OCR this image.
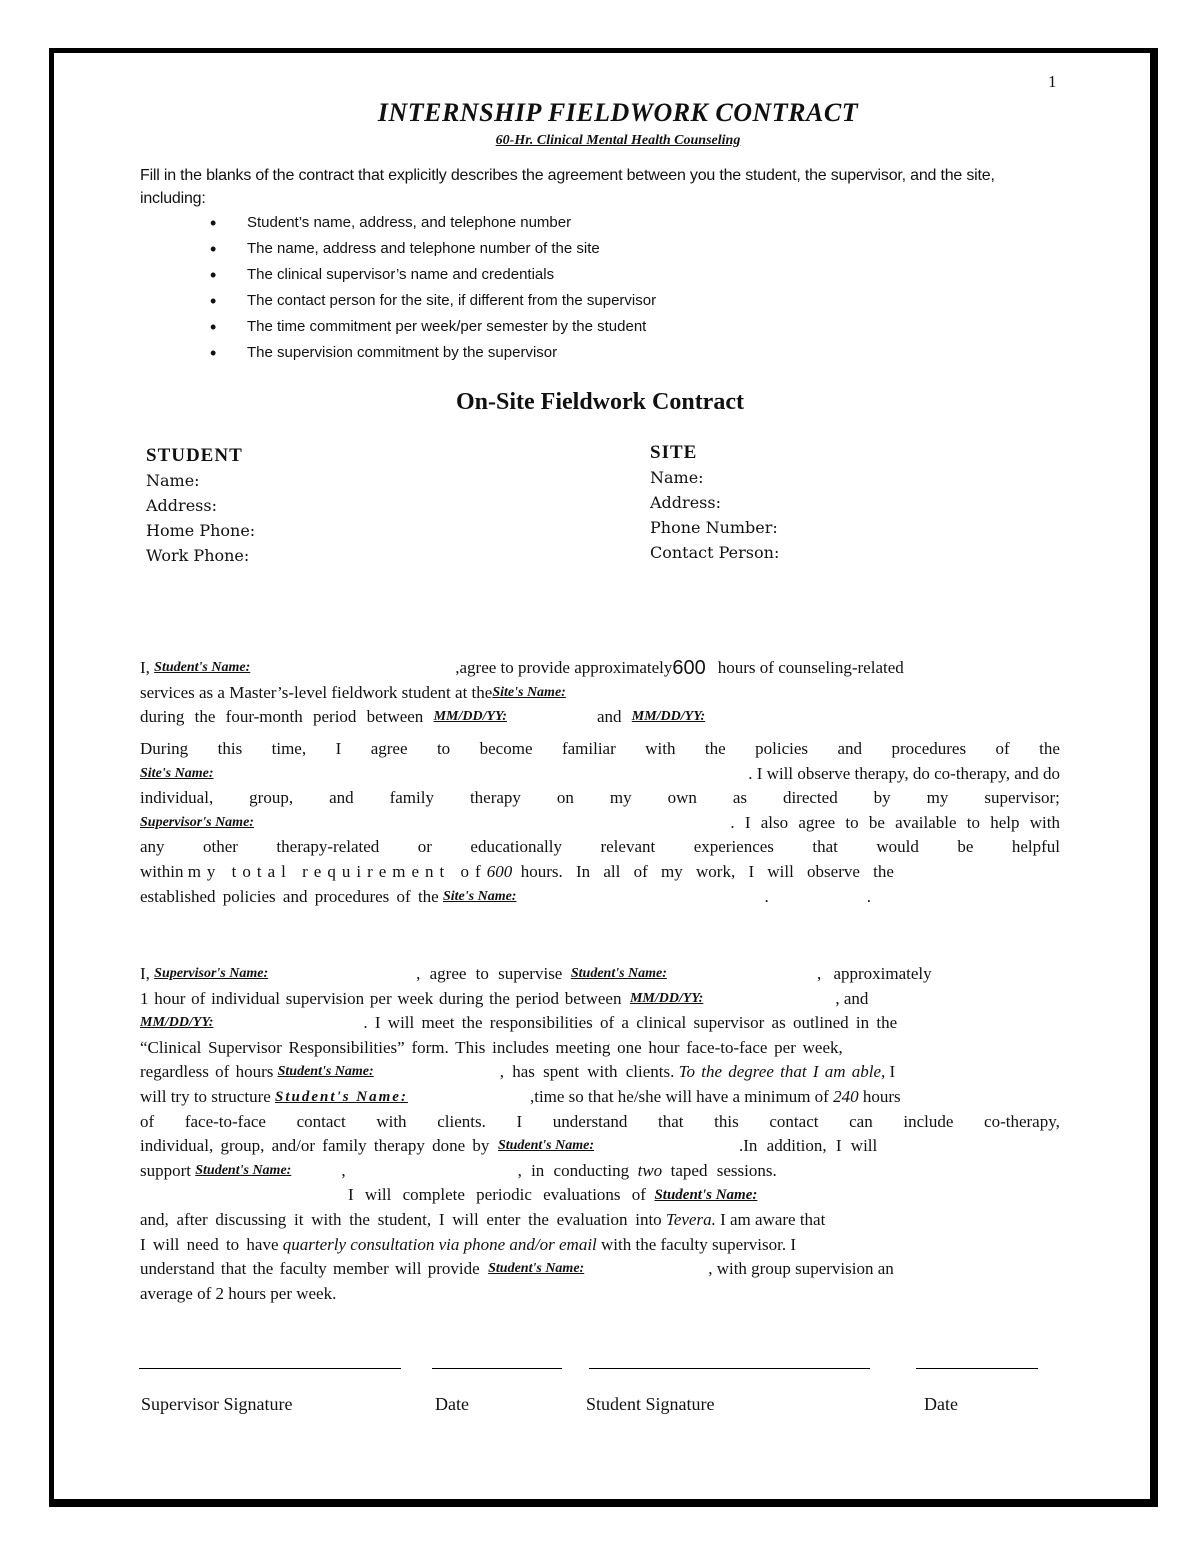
1
INTERNSHIP FIELDWORK CONTRACT
60-Hr. Clinical Mental Health Counseling
Fill in the blanks of the contract that explicitly describes the agreement between you the student, the supervisor, and the site, including:
• Student’s name, address, and telephone number
• The name, address and telephone number of the site
• The clinical supervisor’s name and credentials
• The contact person for the site, if different from the supervisor
• The time commitment per week/per semester by the student
• The supervision commitment by the supervisor
On-Site Fieldwork Contract
STUDENT
Name:
Address:
Home Phone:
Work Phone:
SITE
Name:
Address:
Phone Number:
Contact Person:
I,
Student's Name:	,agree to provide approximately 600 hours of counseling-related
services as a Master’s-level fieldwork student at the Site's Name:
during the four-month period between
MM/DD/YY:	and
MM/DD/YY:
During this time, I agree to become familiar with the policies and procedures of the
Site's Name:	. I will observe therapy, do co-therapy, and do
individual, group, and family therapy on my own as directed by my supervisor;
Supervisor's Name:	. I also agree to be available to help with
any other therapy-related or educationally relevant experiences that would be helpful
within
my total requirement of 600
hours. In all of my work, I will observe the
established policies and procedures of the
Site's Name:	.	.
I,
Supervisor's Name:	, agree to supervise
Student's Name:	, approximately
1 hour of individual supervision per week during the period between
MM/DD/YY:	, and
MM/DD/YY:	. I will meet the responsibilities of a clinical supervisor as outlined in the
“Clinical Supervisor Responsibilities” form. This includes meeting one hour face-to-face per week,
regardless of hours
Student's Name:	, has spent with clients.
To the degree that I am able,
I
will try to structure
Student's Name:	,time so that he/she will have a minimum of
240
hours
of face-to-face contact with clients. I understand that this contact can include co-therapy,
individual, group, and/or family therapy done by
Student's Name:	.In addition, I will
support
Student's Name:	,	, in conducting
two
taped sessions.
I will complete periodic evaluations of
Student's Name:
and, after discussing it with the student, I will enter the evaluation into
Tevera.
I am aware that
I will need to have
quarterly consultation via phone and/or email
with the faculty supervisor. I
understand that the faculty member will provide
Student's Name:	, with group supervision an
average of 2 hours per week.
Supervisor Signature	Date	Student Signature	Date
